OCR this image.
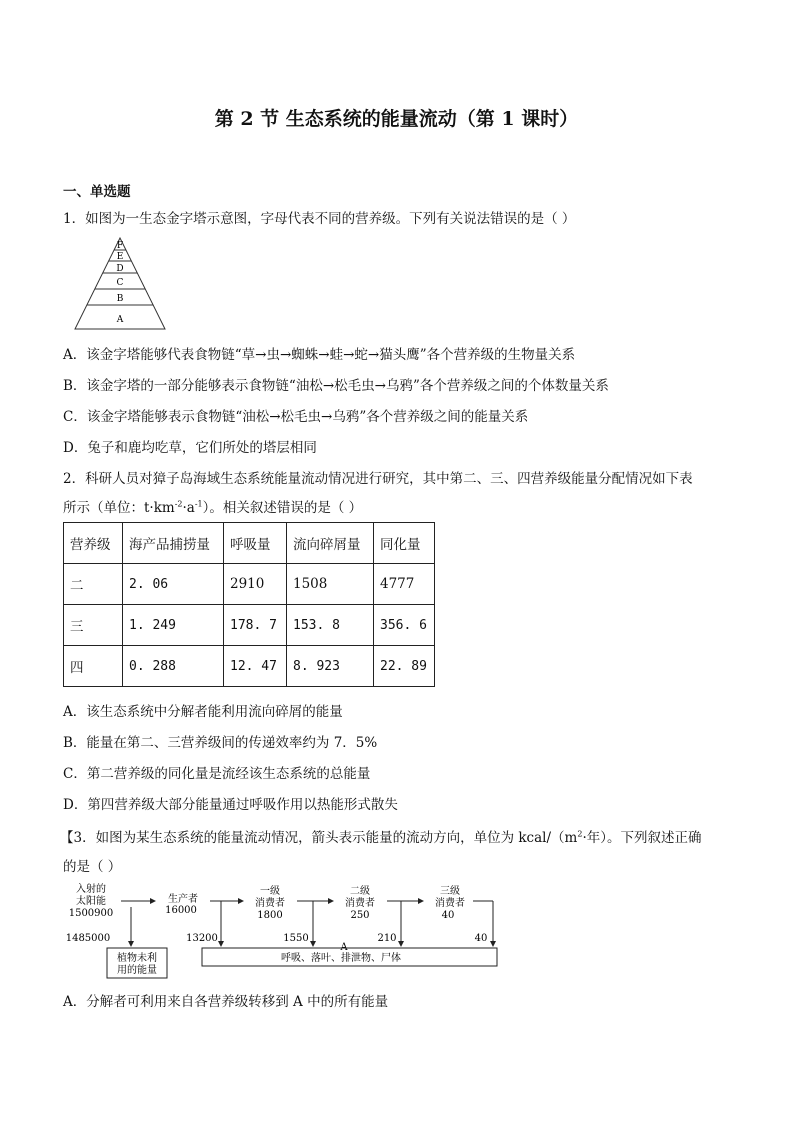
第 2 节 生态系统的能量流动（第 1 课时）
一、单选题
1．如图为一生态金字塔示意图，字母代表不同的营养级。下列有关说法错误的是（ ）
F
E
D
C
B
A
A．该金字塔能够代表食物链“草→虫→蜘蛛→蛙→蛇→猫头鹰”各个营养级的生物量关系
B．该金字塔的一部分能够表示食物链“油松→松毛虫→乌鸦”各个营养级之间的个体数量关系
C．该金字塔能够表示食物链“油松→松毛虫→乌鸦”各个营养级之间的能量关系
D．兔子和鹿均吃草，它们所处的塔层相同
2．科研人员对獐子岛海域生态系统能量流动情况进行研究，其中第二、三、四营养级能量分配情况如下表
所示（单位：$t\cdot km^{-2}\cdot a^{-1}$）。相关叙述错误的是（ ）
营养级	海产品捕捞量	呼吸量	流向碎屑量	同化量
二	2. 06	2910	1508	4777
三	1. 249	178. 7	153. 8	356. 6
四	0. 288	12. 47	8. 923	22. 89
A．该生态系统中分解者能利用流向碎屑的能量
B．能量在第二、三营养级间的传递效率约为 7．5%
C．第二营养级的同化量是流经该生态系统的总能量
D．第四营养级大部分能量通过呼吸作用以热能形式散失
【3．如图为某生态系统的能量流动情况，箭头表示能量的流动方向，单位为 kcal/（$m^2\cdot$年）。下列叙述正确
的是（ ）
入射的
太阳能
1500900
生产者
16000
一级
消费者
1800
二级
消费者
250
三级
消费者
40
1485000	13200	1550	210	40
A
植物未利
用的能量
呼吸、落叶、排泄物、尸体
A．分解者可利用来自各营养级转移到 A 中的所有能量
